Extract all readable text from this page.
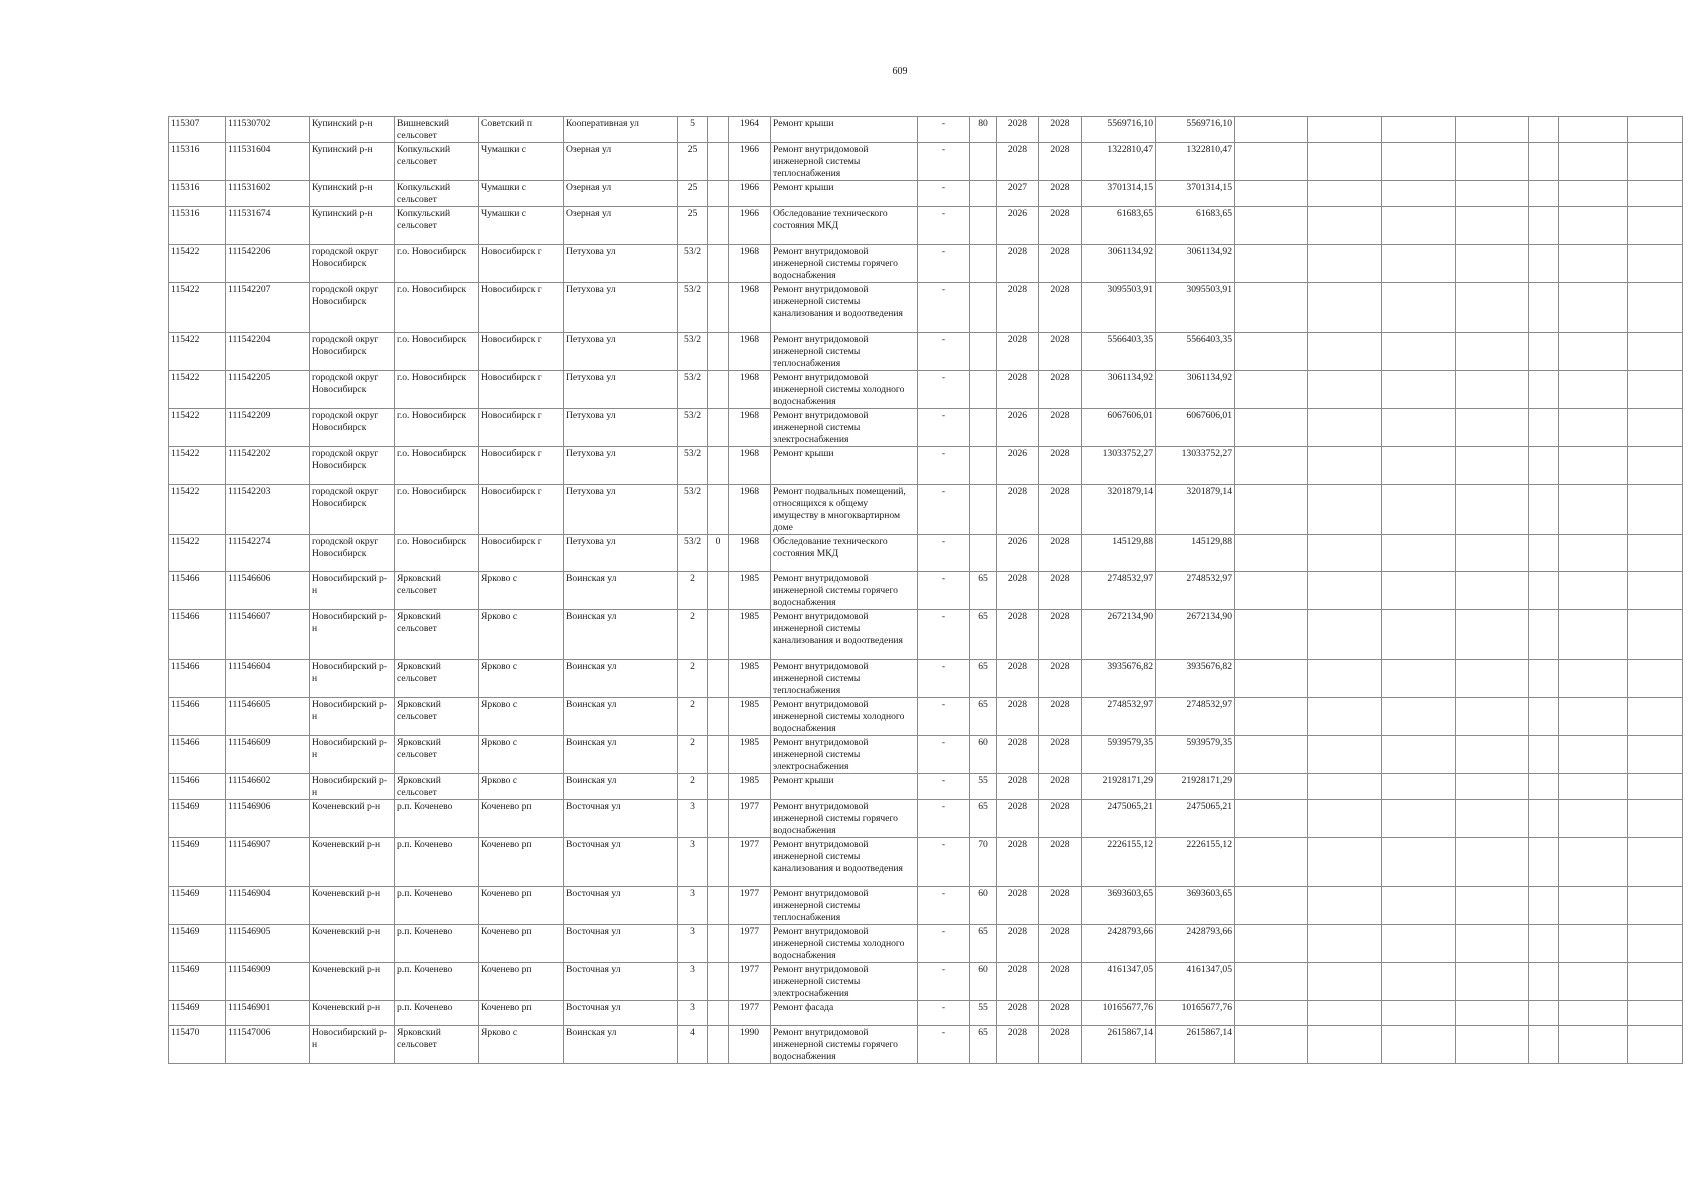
609
115307	111530702	Купинский р-н	Вишневский сельсовет	Советский п	Кооперативная ул	5		1964	Ремонт крыши	-	80	2028	2028	5569716,10	5569716,10							
115316	111531604	Купинский р-н	Копкульский сельсовет	Чумашки с	Озерная ул	25		1966	Ремонт внутридомовой инженерной системы теплоснабжения	-		2028	2028	1322810,47	1322810,47							
115316	111531602	Купинский р-н	Копкульский сельсовет	Чумашки с	Озерная ул	25		1966	Ремонт крыши	-		2027	2028	3701314,15	3701314,15							
115316	111531674	Купинский р-н	Копкульский сельсовет	Чумашки с	Озерная ул	25		1966	Обследование технического состояния МКД	-		2026	2028	61683,65	61683,65							
115422	111542206	городской округ Новосибирск	г.о. Новосибирск	Новосибирск г	Петухова ул	53/2		1968	Ремонт внутридомовой инженерной системы горячего водоснабжения	-		2028	2028	3061134,92	3061134,92							
115422	111542207	городской округ Новосибирск	г.о. Новосибирск	Новосибирск г	Петухова ул	53/2		1968	Ремонт внутридомовой инженерной системы канализования и водоотведения	-		2028	2028	3095503,91	3095503,91							
115422	111542204	городской округ Новосибирск	г.о. Новосибирск	Новосибирск г	Петухова ул	53/2		1968	Ремонт внутридомовой инженерной системы теплоснабжения	-		2028	2028	5566403,35	5566403,35							
115422	111542205	городской округ Новосибирск	г.о. Новосибирск	Новосибирск г	Петухова ул	53/2		1968	Ремонт внутридомовой инженерной системы холодного водоснабжения	-		2028	2028	3061134,92	3061134,92							
115422	111542209	городской округ Новосибирск	г.о. Новосибирск	Новосибирск г	Петухова ул	53/2		1968	Ремонт внутридомовой инженерной системы электроснабжения	-		2026	2028	6067606,01	6067606,01							
115422	111542202	городской округ Новосибирск	г.о. Новосибирск	Новосибирск г	Петухова ул	53/2		1968	Ремонт крыши	-		2026	2028	13033752,27	13033752,27							
115422	111542203	городской округ Новосибирск	г.о. Новосибирск	Новосибирск г	Петухова ул	53/2		1968	Ремонт подвальных помещений, относящихся к общему имуществу в многоквартирном доме	-		2028	2028	3201879,14	3201879,14							
115422	111542274	городской округ Новосибирск	г.о. Новосибирск	Новосибирск г	Петухова ул	53/2	0	1968	Обследование технического состояния МКД	-		2026	2028	145129,88	145129,88							
115466	111546606	Новосибирский р-н	Ярковский сельсовет	Ярково с	Воинская ул	2		1985	Ремонт внутридомовой инженерной системы горячего водоснабжения	-	65	2028	2028	2748532,97	2748532,97							
115466	111546607	Новосибирский р-н	Ярковский сельсовет	Ярково с	Воинская ул	2		1985	Ремонт внутридомовой инженерной системы канализования и водоотведения	-	65	2028	2028	2672134,90	2672134,90							
115466	111546604	Новосибирский р-н	Ярковский сельсовет	Ярково с	Воинская ул	2		1985	Ремонт внутридомовой инженерной системы теплоснабжения	-	65	2028	2028	3935676,82	3935676,82							
115466	111546605	Новосибирский р-н	Ярковский сельсовет	Ярково с	Воинская ул	2		1985	Ремонт внутридомовой инженерной системы холодного водоснабжения	-	65	2028	2028	2748532,97	2748532,97							
115466	111546609	Новосибирский р-н	Ярковский сельсовет	Ярково с	Воинская ул	2		1985	Ремонт внутридомовой инженерной системы электроснабжения	-	60	2028	2028	5939579,35	5939579,35							
115466	111546602	Новосибирский р-н	Ярковский сельсовет	Ярково с	Воинская ул	2		1985	Ремонт крыши	-	55	2028	2028	21928171,29	21928171,29							
115469	111546906	Коченевский р-н	р.п. Коченево	Коченево рп	Восточная ул	3		1977	Ремонт внутридомовой инженерной системы горячего водоснабжения	-	65	2028	2028	2475065,21	2475065,21							
115469	111546907	Коченевский р-н	р.п. Коченево	Коченево рп	Восточная ул	3		1977	Ремонт внутридомовой инженерной системы канализования и водоотведения	-	70	2028	2028	2226155,12	2226155,12							
115469	111546904	Коченевский р-н	р.п. Коченево	Коченево рп	Восточная ул	3		1977	Ремонт внутридомовой инженерной системы теплоснабжения	-	60	2028	2028	3693603,65	3693603,65							
115469	111546905	Коченевский р-н	р.п. Коченево	Коченево рп	Восточная ул	3		1977	Ремонт внутридомовой инженерной системы холодного водоснабжения	-	65	2028	2028	2428793,66	2428793,66							
115469	111546909	Коченевский р-н	р.п. Коченево	Коченево рп	Восточная ул	3		1977	Ремонт внутридомовой инженерной системы электроснабжения	-	60	2028	2028	4161347,05	4161347,05							
115469	111546901	Коченевский р-н	р.п. Коченево	Коченево рп	Восточная ул	3		1977	Ремонт фасада	-	55	2028	2028	10165677,76	10165677,76							
115470	111547006	Новосибирский р-н	Ярковский сельсовет	Ярково с	Воинская ул	4		1990	Ремонт внутридомовой инженерной системы горячего водоснабжения	-	65	2028	2028	2615867,14	2615867,14							
